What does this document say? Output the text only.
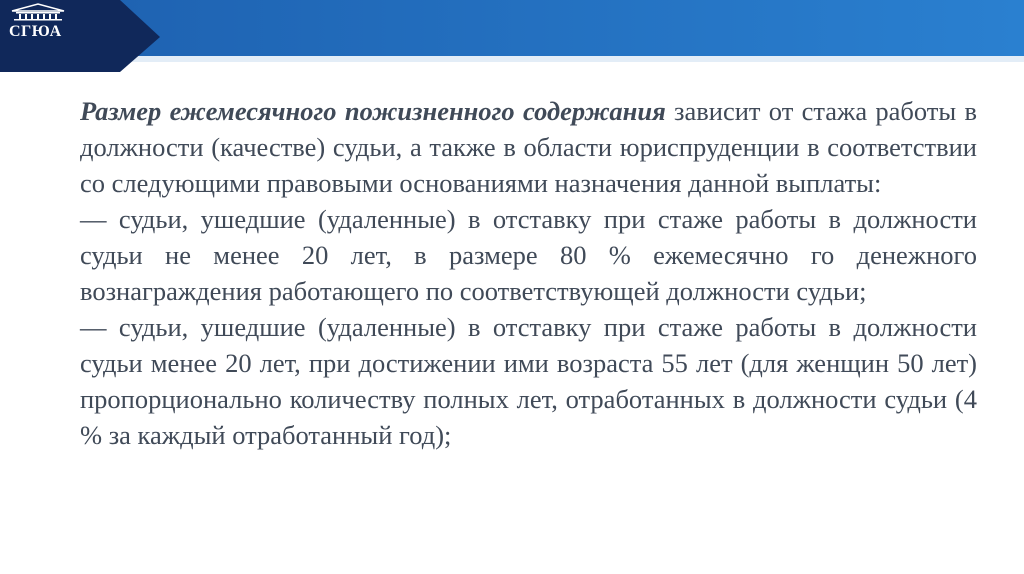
СГЮА

Размер ежемесячного пожизненного содержания зависит от стажа работы в должности (качестве) судьи, а также в области юриспруденции в соответствии со следующими правовыми основаниями назначения данной выплаты:

— судьи, ушедшие (удаленные) в отставку при стаже работы в должности судьи не менее 20 лет, в размере 80 % ежемесячно го денежного вознаграждения работающего по соответствующей должности судьи;

— судьи, ушедшие (удаленные) в отставку при стаже работы в должности судьи менее 20 лет, при достижении ими возраста 55 лет (для женщин 50 лет) пропорционально количеству полных лет, отработанных в должности судьи (4 % за каждый отработанный год);
